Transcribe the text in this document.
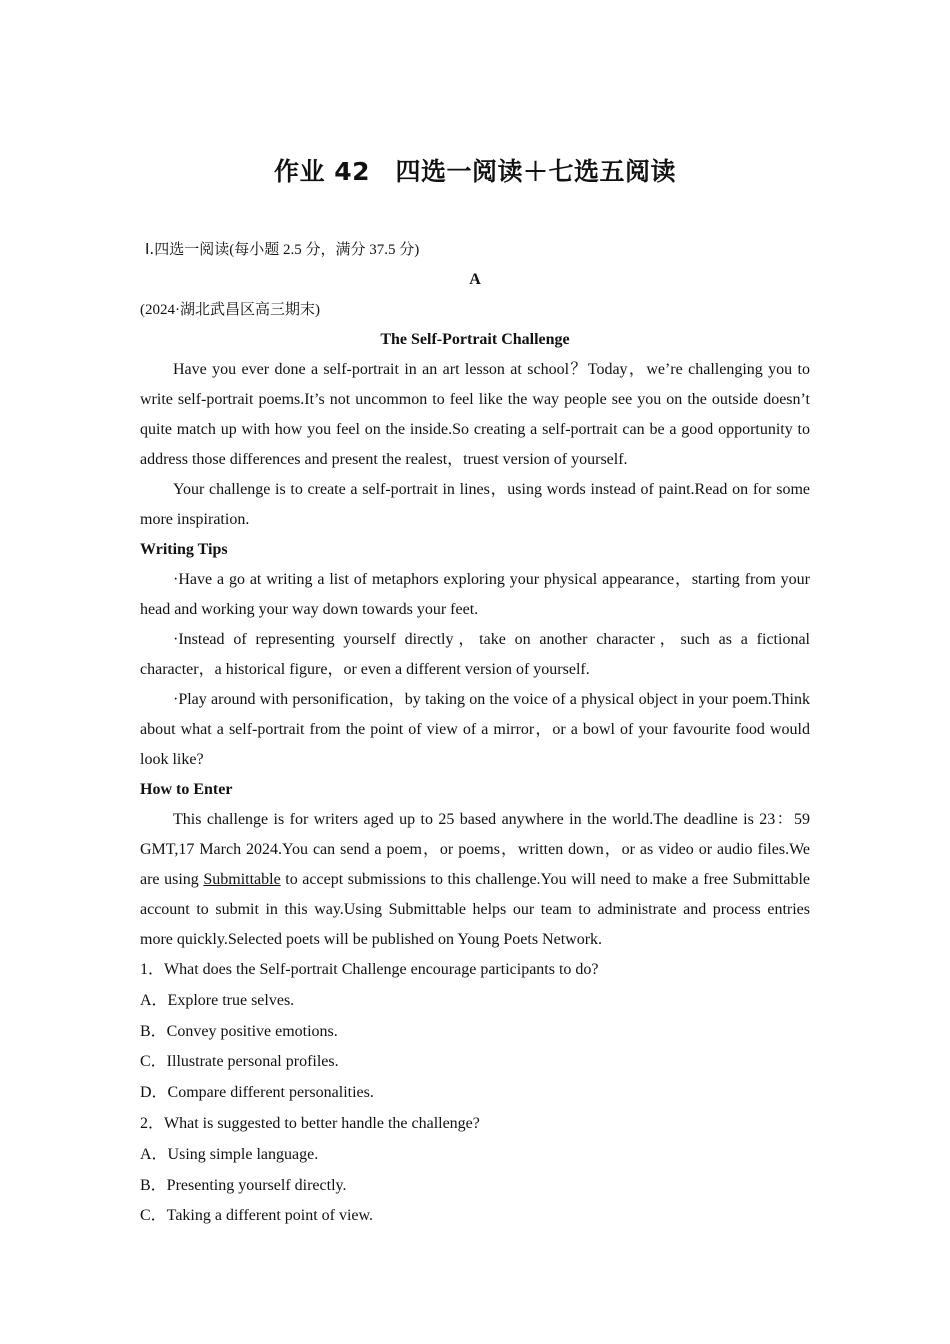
作业 42　四选一阅读＋七选五阅读

Ⅰ.四选一阅读(每小题 2.5 分，满分 37.5 分)

A

(2024·湖北武昌区高三期末)

The Self-Portrait Challenge

Have you ever done a self-portrait in an art lesson at school？Today，we’re challenging you to write self-portrait poems.It’s not uncommon to feel like the way people see you on the outside doesn’t quite match up with how you feel on the inside.So creating a self-portrait can be a good opportunity to address those differences and present the realest，truest version of yourself.

Your challenge is to create a self-portrait in lines，using words instead of paint.Read on for some more inspiration.

Writing Tips

·Have a go at writing a list of metaphors exploring your physical appearance，starting from your head and working your way down towards your feet.

·Instead of representing yourself directly，take on another character，such as a fictional character，a historical figure，or even a different version of yourself.

·Play around with personification，by taking on the voice of a physical object in your poem.Think about what a self-portrait from the point of view of a mirror，or a bowl of your favourite food would look like?

How to Enter

This challenge is for writers aged up to 25 based anywhere in the world.The deadline is 23：59 GMT,17 March 2024.You can send a poem，or poems，written down，or as video or audio files.We are using Submittable to accept submissions to this challenge.You will need to make a free Submittable account to submit in this way.Using Submittable helps our team to administrate and process entries more quickly.Selected poets will be published on Young Poets Network.

1．What does the Self-portrait Challenge encourage participants to do?

A．Explore true selves.

B．Convey positive emotions.

C．Illustrate personal profiles.

D．Compare different personalities.

2．What is suggested to better handle the challenge?

A．Using simple language.

B．Presenting yourself directly.

C．Taking a different point of view.
